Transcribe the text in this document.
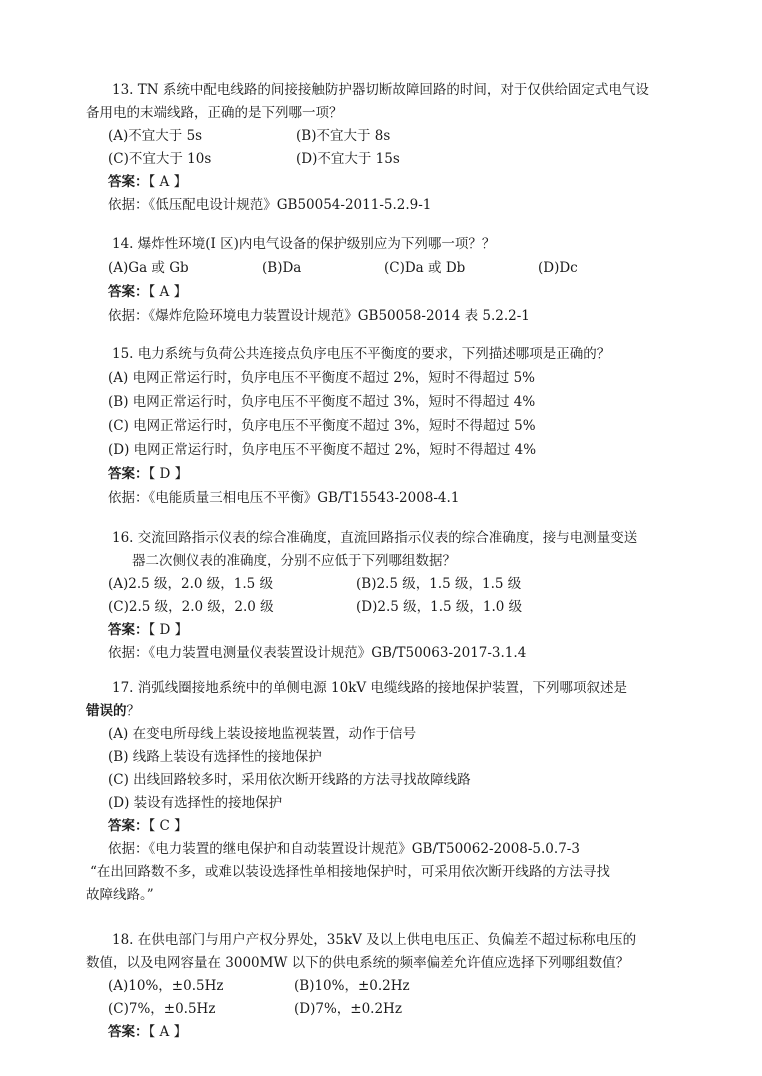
13. TN 系统中配电线路的间接接触防护器切断故障回路的时间，对于仅供给固定式电气设
备用电的末端线路，正确的是下列哪一项？
(A)不宜大于 5s	(B)不宜大于 8s
(C)不宜大于 10s	(D)不宜大于 15s
答案：【 A 】
依据：《低压配电设计规范》GB50054-2011-5.2.9-1
14. 爆炸性环境(I 区)内电气设备的保护级别应为下列哪一项？？
(A)Ga 或 Gb	(B)Da	(C)Da 或 Db	(D)Dc
答案：【 A 】
依据：《爆炸危险环境电力装置设计规范》GB50058-2014 表 5.2.2-1
15. 电力系统与负荷公共连接点负序电压不平衡度的要求，下列描述哪项是正确的？
(A) 电网正常运行时，负序电压不平衡度不超过 2%，短时不得超过 5%
(B) 电网正常运行时，负序电压不平衡度不超过 3%，短时不得超过 4%
(C) 电网正常运行时，负序电压不平衡度不超过 3%，短时不得超过 5%
(D) 电网正常运行时，负序电压不平衡度不超过 2%，短时不得超过 4%
答案：【 D 】
依据：《电能质量三相电压不平衡》GB/T15543-2008-4.1
16. 交流回路指示仪表的综合准确度，直流回路指示仪表的综合准确度，接与电测量变送
器二次侧仪表的准确度，分别不应低于下列哪组数据？
(A)2.5 级，2.0 级，1.5 级	(B)2.5 级，1.5 级，1.5 级
(C)2.5 级，2.0 级，2.0 级	(D)2.5 级，1.5 级，1.0 级
答案：【 D 】
依据：《电力装置电测量仪表装置设计规范》GB/T50063-2017-3.1.4
17. 消弧线圈接地系统中的单侧电源 10kV 电缆线路的接地保护装置，下列哪项叙述是
错误的？
(A) 在变电所母线上装设接地监视装置，动作于信号
(B) 线路上装设有选择性的接地保护
(C) 出线回路较多时，采用依次断开线路的方法寻找故障线路
(D) 装设有选择性的接地保护
答案：【 C 】
依据：《电力装置的继电保护和自动装置设计规范》GB/T50062-2008-5.0.7-3
“在出回路数不多，或难以装设选择性单相接地保护时，可采用依次断开线路的方法寻找
故障线路。”
18. 在供电部门与用户产权分界处，35kV 及以上供电电压正、负偏差不超过标称电压的
数值，以及电网容量在 3000MW 以下的供电系统的频率偏差允许值应选择下列哪组数值？
(A)10%，±0.5Hz	(B)10%，±0.2Hz
(C)7%，±0.5Hz	(D)7%，±0.2Hz
答案：【 A 】
